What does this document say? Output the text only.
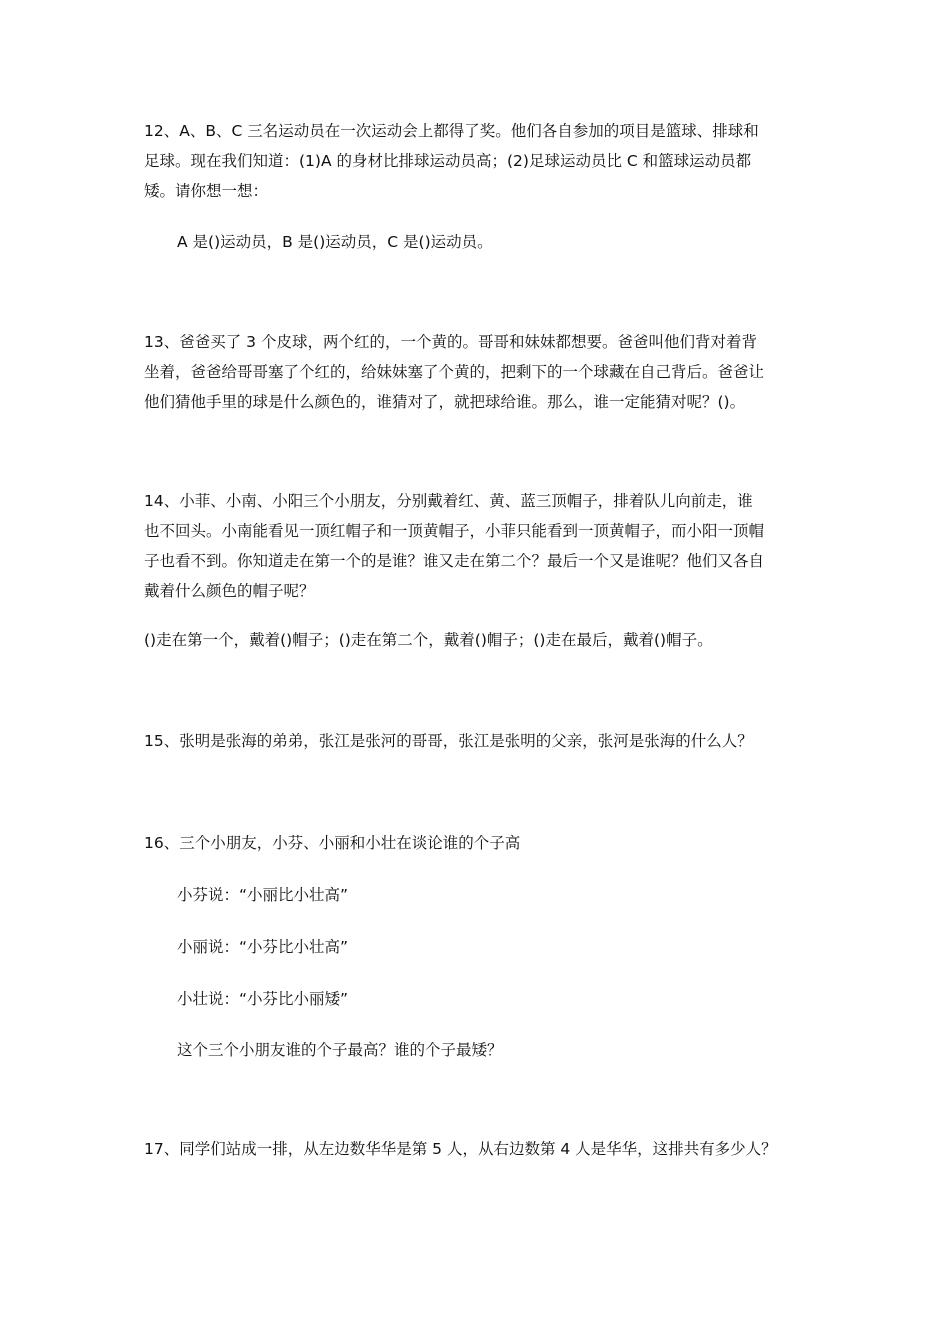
12、A、B、C 三名运动员在一次运动会上都得了奖。他们各自参加的项目是篮球、排球和
足球。现在我们知道：(1)A 的身材比排球运动员高；(2)足球运动员比 C 和篮球运动员都
矮。请你想一想：
A 是()运动员，B 是()运动员，C 是()运动员。
13、爸爸买了 3 个皮球，两个红的，一个黄的。哥哥和妹妹都想要。爸爸叫他们背对着背
坐着，爸爸给哥哥塞了个红的，给妹妹塞了个黄的，把剩下的一个球藏在自己背后。爸爸让
他们猜他手里的球是什么颜色的，谁猜对了，就把球给谁。那么，谁一定能猜对呢？()。
14、小菲、小南、小阳三个小朋友，分别戴着红、黄、蓝三顶帽子，排着队儿向前走，谁
也不回头。小南能看见一顶红帽子和一顶黄帽子，小菲只能看到一顶黄帽子，而小阳一顶帽
子也看不到。你知道走在第一个的是谁？谁又走在第二个？最后一个又是谁呢？他们又各自
戴着什么颜色的帽子呢？
()走在第一个，戴着()帽子；()走在第二个，戴着()帽子；()走在最后，戴着()帽子。
15、张明是张海的弟弟，张江是张河的哥哥，张江是张明的父亲，张河是张海的什么人？
16、三个小朋友，小芬、小丽和小壮在谈论谁的个子高
小芬说：“小丽比小壮高”
小丽说：“小芬比小壮高”
小壮说：“小芬比小丽矮”
这个三个小朋友谁的个子最高？谁的个子最矮？
17、同学们站成一排，从左边数华华是第 5 人，从右边数第 4 人是华华，这排共有多少人？
